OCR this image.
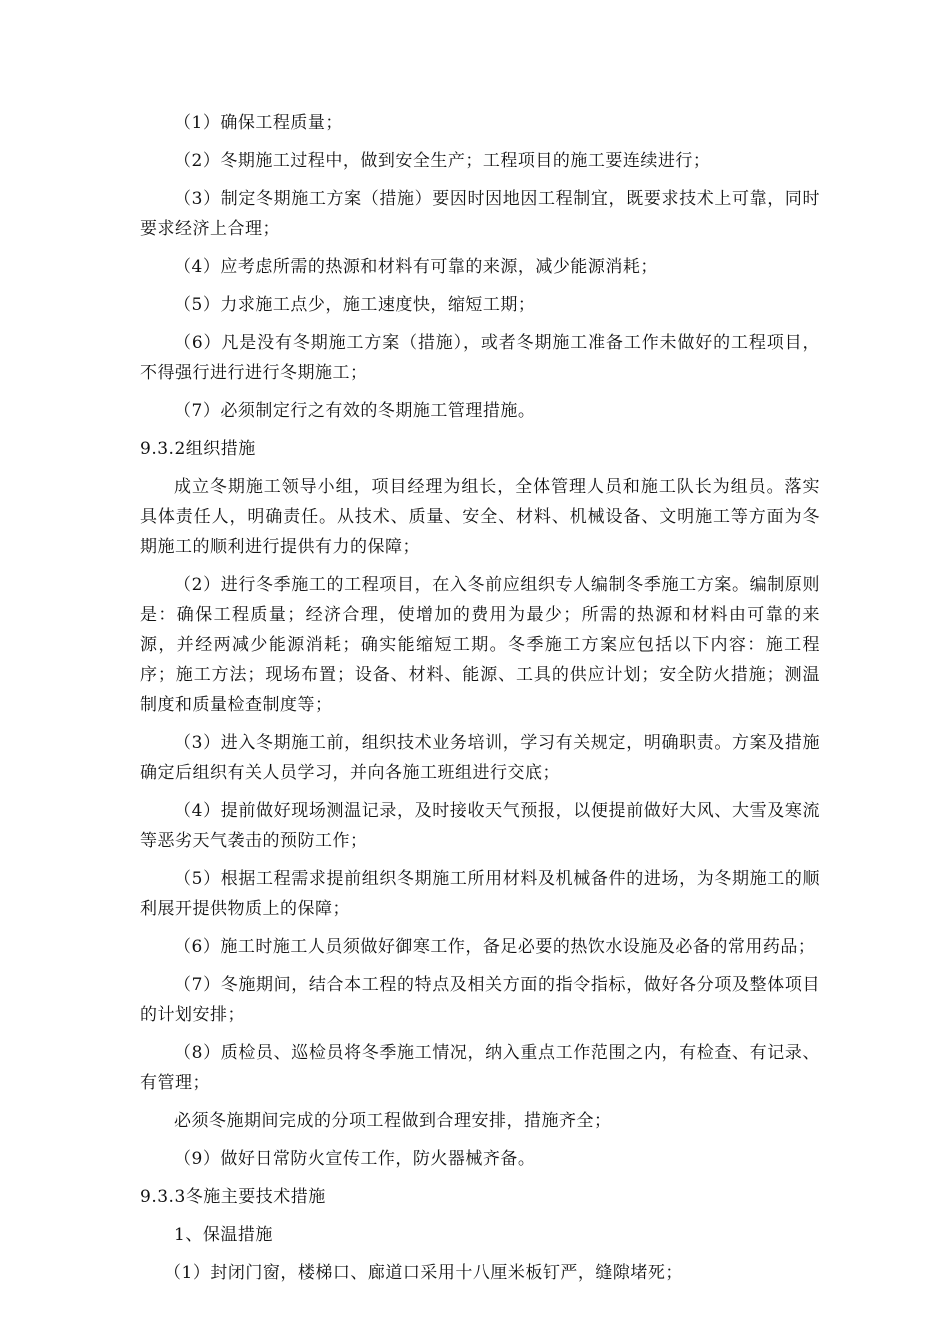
（1）确保工程质量；

（2）冬期施工过程中，做到安全生产；工程项目的施工要连续进行；

（3）制定冬期施工方案（措施）要因时因地因工程制宜，既要求技术上可靠，同时要求经济上合理；

（4）应考虑所需的热源和材料有可靠的来源，减少能源消耗；

（5）力求施工点少，施工速度快，缩短工期；

（6）凡是没有冬期施工方案（措施），或者冬期施工准备工作未做好的工程项目，不得强行进行进行冬期施工；

（7）必须制定行之有效的冬期施工管理措施。

9.3.2组织措施

成立冬期施工领导小组，项目经理为组长，全体管理人员和施工队长为组员。落实具体责任人，明确责任。从技术、质量、安全、材料、机械设备、文明施工等方面为冬期施工的顺利进行提供有力的保障；

（2）进行冬季施工的工程项目，在入冬前应组织专人编制冬季施工方案。编制原则是：确保工程质量；经济合理，使增加的费用为最少；所需的热源和材料由可靠的来源，并经两减少能源消耗；确实能缩短工期。冬季施工方案应包括以下内容：施工程序；施工方法；现场布置；设备、材料、能源、工具的供应计划；安全防火措施；测温制度和质量检查制度等；

（3）进入冬期施工前，组织技术业务培训，学习有关规定，明确职责。方案及措施确定后组织有关人员学习，并向各施工班组进行交底；

（4）提前做好现场测温记录，及时接收天气预报，以便提前做好大风、大雪及寒流等恶劣天气袭击的预防工作；

（5）根据工程需求提前组织冬期施工所用材料及机械备件的进场，为冬期施工的顺利展开提供物质上的保障；

（6）施工时施工人员须做好御寒工作，备足必要的热饮水设施及必备的常用药品；

（7）冬施期间，结合本工程的特点及相关方面的指令指标，做好各分项及整体项目的计划安排；

（8）质检员、巡检员将冬季施工情况，纳入重点工作范围之内，有检查、有记录、有管理；

必须冬施期间完成的分项工程做到合理安排，措施齐全；

（9）做好日常防火宣传工作，防火器械齐备。

9.3.3冬施主要技术措施

1、保温措施

（1）封闭门窗，楼梯口、廊道口采用十八厘米板钉严，缝隙堵死；
